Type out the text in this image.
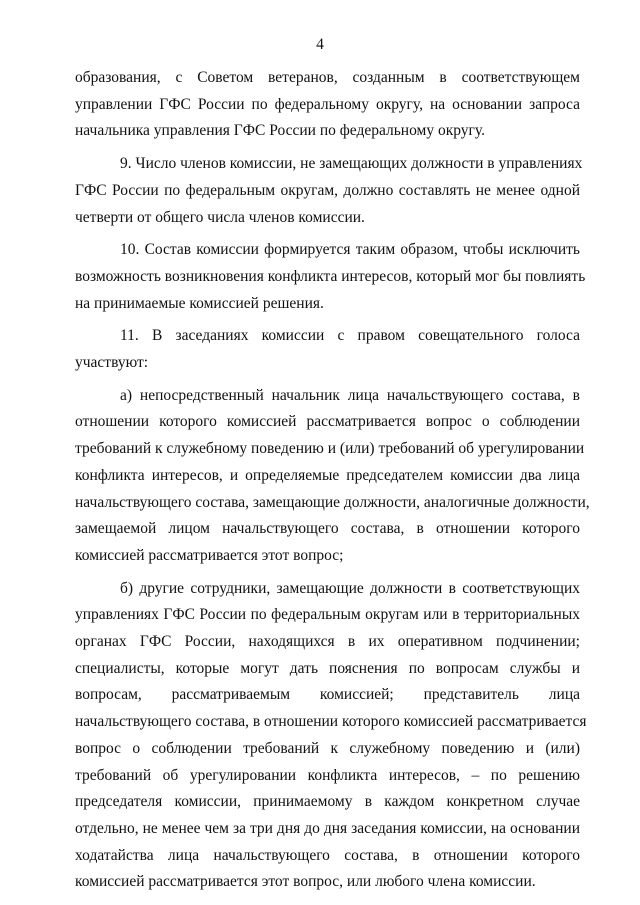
4
образования, с Советом ветеранов, созданным в соответствующем
управлении ГФС России по федеральному округу, на основании запроса
начальника управления ГФС России по федеральному округу.
9. Число членов комиссии, не замещающих должности в управлениях
ГФС России по федеральным округам, должно составлять не менее одной
четверти от общего числа членов комиссии.
10. Состав комиссии формируется таким образом, чтобы исключить
возможность возникновения конфликта интересов, который мог бы повлиять
на принимаемые комиссией решения.
11. В заседаниях комиссии с правом совещательного голоса
участвуют:
а) непосредственный начальник лица начальствующего состава, в
отношении которого комиссией рассматривается вопрос о соблюдении
требований к служебному поведению и (или) требований об урегулировании
конфликта интересов, и определяемые председателем комиссии два лица
начальствующего состава, замещающие должности, аналогичные должности,
замещаемой лицом начальствующего состава, в отношении которого
комиссией рассматривается этот вопрос;
б) другие сотрудники, замещающие должности в соответствующих
управлениях ГФС России по федеральным округам или в территориальных
органах ГФС России, находящихся в их оперативном подчинении;
специалисты, которые могут дать пояснения по вопросам службы и
вопросам, рассматриваемым комиссией; представитель лица
начальствующего состава, в отношении которого комиссией рассматривается
вопрос о соблюдении требований к служебному поведению и (или)
требований об урегулировании конфликта интересов, – по решению
председателя комиссии, принимаемому в каждом конкретном случае
отдельно, не менее чем за три дня до дня заседания комиссии, на основании
ходатайства лица начальствующего состава, в отношении которого
комиссией рассматривается этот вопрос, или любого члена комиссии.
